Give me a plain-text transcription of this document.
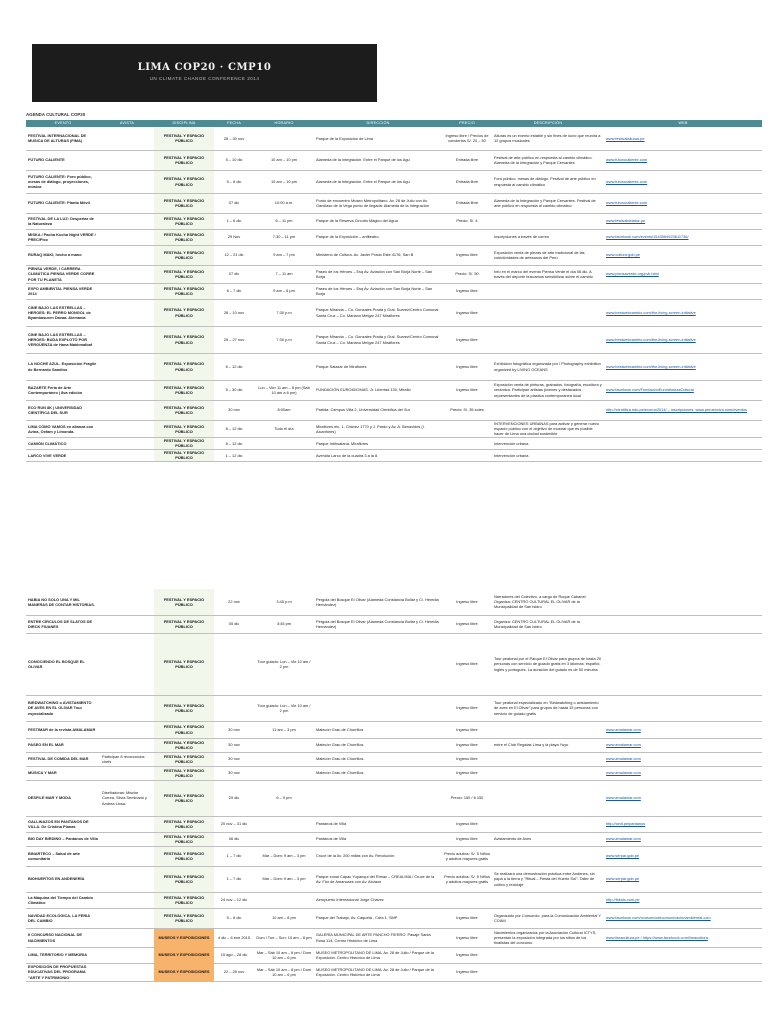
LIMA COP20 · CMP10
UN CLIMATE CHANGE CONFERENCE 2014
AGENDA CULTURAL COP20
EVENTO	AVISTA	DISCIPLINA	FECHA	HORARIO	DIRECCIÓN	PRECIO	DESCRIPCIÓN	WEB
FESTIVAL INTERNACIONAL DE MUSICA DE ALTURAS (FIMA)		FESTIVAL Y ESPACIO PÚBLICO	28 – 30 nov		Parque de la Exposición de Lima	Ingreso libre / Precios de conciertos S/. 20 – 50	Alturas es un evento estable y sin fines de lucro que reunirá a 12 grupos musicales	www.festivalalturas.pe
FUTURO CALIENTE		FESTIVAL Y ESPACIO PÚBLICO	5 – 10 dic	10 am – 10 pm	Alameda de la Integración. Entre el Parque de los Agu	Entrada libre	Festival de arte público en respuesta al cambio climático. Alameda de la Integración y Parque Cervantes	www.futurocaliente.com
FUTURO CALIENTE: Foro público, mesas de diálogo, proyecciones, música		FESTIVAL Y ESPACIO PÚBLICO	5 – 8 dic	10 am – 10 pm	Alameda de la Integración. Entre el Parque de los Agu	Entrada libre	Foro público: mesas de diálogo. Festival de arte público en respuesta al cambio climático	www.futurocaliente.com
FUTURO CALIENTE: Planta Móvil		FESTIVAL Y ESPACIO PÚBLICO	07 dic	10:00 a.m.	Punto de encuentro Museo Metropolitano. Av. 28 de Julio con Av. Garcilaso de la Vega punto de llegada: Alameda de la Integración	Entrada libre	Alameda de la Integración y Parque Cervantes. Festival de arte público en respuesta al cambio climático	www.futurocaliente.com
FESTIVAL DE LA LUZ: Despertar de la Naturaleza		FESTIVAL Y ESPACIO PÚBLICO	1 – 6 dic	6 – 11 pm	Parque de la Reserva Circuito Mágico del Agua	Precio: S/. 4		www.festivaldelaluz.pe
MISKA / Pacha Kucha Night VERDE / PREC/PIxx		FESTIVAL Y ESPACIO PÚBLICO	29 Nov	7:30 – 11 pm	Parque de la Exposición – anfiteatro.		Inscripciones a través de correo	www.facebook.com/events/1543564923611736/
RURAQ MAKI, hecho a mano		FESTIVAL Y ESPACIO PÚBLICO	12 – 21 dic	9 am – 7 pm	Ministerio de Cultura. Av. Javier Prado Este 4176, San B	Ingreso libre	Exposición venta de piezas de arte tradicional de las colectividades de artesanos del Perú	www.cultura.gob.pe
PIENSA VERDE, I CARRERA CLIMÁTICA PIENSA VERDE CORRE POR TU PLANETA		FESTIVAL Y ESPACIO PÚBLICO	07 dic	7 – 11 am	Paseo de los Héroes – Esq Av. Aviación con San Borja Norte – San Borja	Precio: S/. 50	Info en el marco del evento Piensa Verde el día 06 dic. A través del deporte buscamos sensibilizar sobre el cambio	www.piensaverde.org/pvk.html
EXPO AMBIENTAL PIENSA VERDE 2014		FESTIVAL Y ESPACIO PÚBLICO	6 – 7 dic	9 am – 6 pm	Paseo de los Héroes – Esq Av. Aviación con San Borja Norte – San Borja	Ingreso libre		
CINE BAJO LAS ESTRELLAS – HEROES: EL PERRO MONGOL de Byambasuren Davaa. Alemania		FESTIVAL Y ESPACIO PÚBLICO	28 – 10 nov	7:30 p.m	Parque Miranda – Co. Gonzales Prada y Gral. Suarez/Centro Comunal Santa Cruz – Co. Mariano Melgar 247 Miraflores	Ingreso libre		www.bestwebcambio.com/the-living-screen-initiative
CINE BAJO LAS ESTRELLAS – HEROES: BUDA EXPLOTÓ POR VERGÜENZA de Hana Makhmalbaf		FESTIVAL Y ESPACIO PÚBLICO	25 – 27 nov	7:30 p.m	Parque Miranda – Co. Gonzales Prada y Gral. Suarez/Centro Comunal Santa Cruz – Co. Mariano Melgar 247 Miraflores	Ingreso libre		www.bestwebcambio.com/the-living-screen-initiative
LA NOCHE AZUL. Exposición Fragile de Bernardo Sandino		FESTIVAL Y ESPACIO PÚBLICO	6 – 12 dic		Parque Salazar de Miraflores	Ingreso libre	Exhibición fotográfica organizada por / Photography exhibition organized by LIVING OCEANS	www.bestwebcambio.com/the-living-screen-initiative
BAZARTE Feria de Arte Contemporáneo | 8va edición		FESTIVAL Y ESPACIO PÚBLICO	5 – 30 dic	Lun – Vier 11 am – 8 pm (Sab 10 am a 6 pm)	FUNDACIÓN EUROIDIOMAS. Jr. Libertad 130, Miraflo	Ingreso libre	Exposición venta de pinturas, grabados, fotografía, escultura y cerámica. Participan artistas jóvenes y destacados representantes de la plástica contemporánea local	www.facebook.com/FundacionEuroidiomasCultural
ECO RUN 8K | UNIVERSIDAD CIENTÍFICA DEL SUR		FESTIVAL Y ESPACIO PÚBLICO	30 nov	8:00am	Partida: Campus Villa 2, Universidad Científica del Sur	Precio: S/. 35 soles		http://cientifica.edu.pe/ecorun2014/ – inscripciones: www.peruenvivo.com/eventos
LIMA CÓMO VAMOS en alianza con Avina, Oxfam y Limonda.		FESTIVAL Y ESPACIO PÚBLICO	8 – 12 dic	Todo el día	Miraflores etc. 1. Chávez 1770 y J. Pardo y Av. A. Benavides (I. Alcanfores)		INTERVENCIONES URBANAS para activar y generar nuevo espacio público con el objetivo de mostrar que es posible hacer de Lima una ciudad sostenible	
CAMIÓN CLIMÁTICO		FESTIVAL Y ESPACIO PÚBLICO	8 – 12 dic		Parque Intihuatana. Miraflores		Intervención urbana	
LARCO VIVE VERDE		FESTIVAL Y ESPACIO PÚBLICO	1 – 12 dic		Avenida Larco de la cuadra 3 a la 8		Intervención urbana	
HABIA NO SOLO UNA Y MIL MANERAS DE CONTAR HISTORIAS.		FESTIVAL Y ESPACIO PÚBLICO	22 nov	3:45 p.m	Pérgola del Bosque El Olivar (Alameda Constancia Bollar y Cl. Heredia Hernández)	Ingreso libre	Narradores del Colectivo, a cargo de Roque Cabanel. Organiza: CENTRO CULTURAL EL OLIVAR de la Municipalidad de San Isidro	
ENTRE CÍRCULOS DE SLATOS DE DIRCK FIUANES		FESTIVAL Y ESPACIO PÚBLICO	05 dic	3:45 pm	Pérgola del Bosque El Olivar (Alameda Constancia Bollar y Cl. Heredia Hernández)	Ingreso libre	Organiza: CENTRO CULTURAL EL OLIVAR de la Municipalidad de San Isidro	
CONOCIENDO EL BOSQUE EL OLIVAR		FESTIVAL Y ESPACIO PÚBLICO		Tour guiado: Lun – Vie 10 am / 2 pm		Ingreso libre	Tour peatonal por el Parque El Olivar para grupos de hasta 20 personas con servicio de guiado gratis en 3 idiomas: español, inglés y portugués. La duración del guiado es de 50 minutos	
BIRDWATCHING o AVISTAMIENTO DE AVES EN EL OLIVAR Tour especializado		FESTIVAL Y ESPACIO PÚBLICO		Tour guiado: Lun – Vie 10 am / 2 pm		Ingreso libre	Tour peatonal especializado en "Birdwatching o avistamiento de aves en El Olivar" para grupos de hasta 15 personas con servicio de guiado gratis	
FESTIMAR de la revista AMALAMAR		FESTIVAL Y ESPACIO PÚBLICO	30 nov	11 am – 3 pm	Malecón Grau de Chorrillos	Ingreso libre		www.amalamar.com
PASEO EN EL MAR		FESTIVAL Y ESPACIO PÚBLICO	30 nov		Malecón Grau de Chorrillos.	Ingreso libre	entre el Club Regatas Lima y la playa Yuyo	www.amalamar.com
FESTIVAL DE COMIDA DEL MAR	Participan 8 reconocidos chefs	FESTIVAL Y ESPACIO PÚBLICO	30 nov		Malecón Grau de Chorrillos.	Ingreso libre		www.amalamar.com
MÚSICA Y MAR		FESTIVAL Y ESPACIO PÚBLICO	30 nov		Malecón Grau de Chorrillos.	Ingreso libre		www.amalamar.com
DESFILE MAR Y MODA	Diseñadoras: Mische Correa, Silvia Seminario y Andrea Llosa.	FESTIVAL Y ESPACIO PÚBLICO	29 dic	6 – 9 pm		Precio: 150 / 6 150		www.amalamar.com
GALLINAZOS EN PANTANOS DE VILLA. De Cristina Planas		FESTIVAL Y ESPACIO PÚBLICO	20 nov – 31 dic		Pantanos de Villa	Ingreso libre		http://cinti.pe/pantanos
BIG DAY BIRDING – Pantanos de Villa		FESTIVAL Y ESPACIO PÚBLICO	06 dic		Pantanos de Villa	Ingreso libre	Avistamiento de Aves	www.amalamar.com
BINARTECO – Salud de arte comunitario		FESTIVAL Y ESPACIO PÚBLICO	1 – 7 dic	Mar – Dom: 9 am – 3 pm	Cruce de la Av. 200 millas con Av. Revolución	Precio adultos: S/. 5 Niños y adultos mayores gratis		www.serpar.gob.pe
BIOHUERTOS EN ANDENERÍA		FESTIVAL Y ESPACIO PÚBLICO	1 – 7 dic	Mar – Dom: 9 am – 3 pm	Parque zonal Cápac Yupanqui del Rímac – CREALIMA / Cruce de la Av. Flor de Amancaes con Av. Alcázar	Precio adultos: S/. 5 Niños y adultos mayores gratis	Se realizará una demostración práctica entre Andenes, sin papa a la tierra y "Ritual – Fiesta del Huerto Sol". Taller de cultivo y reciclaje	www.serpar.gob.pe
La Máquina del Tiempo del Cambio Climático		FESTIVAL Y ESPACIO PÚBLICO	24 nov – 12 dic		Aeropuerto Internacional Jorge Chávez			http://lbkids.com.pe
NAVIDAD ECOLÓGICA. LA FERIA DEL CAMBIO		FESTIVAL Y ESPACIO PÚBLICO	5 – 8 dic	10 am – 8 pm	Parque del Trabajo, Av. Caquetá , Cdra 1, SMP	Ingreso libre	Organizado por Consorcio: para la Comunicación Ambiental Y COAM	www.facebook.com/consorciodecomunicacionambiental.com
II CONCURSO NACIONAL DE NACIMIENTOS		MUSEOS Y EXPOSICIONES	4 dic – 6 ene 2015	Dom / Tue – Sun: 10 am – 8 pm	GALERÍA MUNICIPAL DE ARTE PANCHO FIERRO. Pasaje Santa Rosa 114, Centro Histórico de Lima	Ingreso libre	Nacimientos organizados por la Asociación Cultural ICTYS, presentan la exposición integrada por los sitios de los finalistas del concurso	www.limacultura.pe / https://www.facebook.com/limacultura
LIMA, TERRITORIO Y MEMORIA		MUSEOS Y EXPOSICIONES	15 ago – 28 dic	Mar – Sáb 10 am – 8 pm / Dom 10 am – 6 pm	MUSEO METROPOLITANO DE LIMA. Av. 28 de Julio / Parque de la Exposición. Centro Histórico de Lima	Ingreso libre		
EXPOSICIÓN DE PROPUESTAS EDUCATIVAS DEL PROGRAMA "ARTE Y PATRIMONIO		MUSEOS Y EXPOSICIONES	22 – 28 nov	Mar – Sáb 10 am – 8 pm / Dom 10 am – 6 pm	MUSEO METROPOLITANO DE LIMA. Av. 28 de Julio / Parque de la Exposición. Centro Histórico de Lima	Ingreso libre		
